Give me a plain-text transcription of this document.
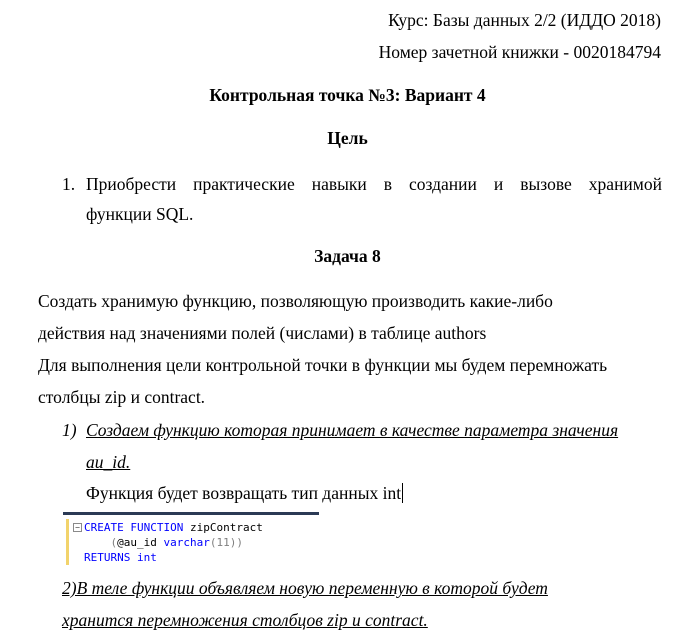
Курс: Базы данных 2/2 (ИДДО 2018)
Номер зачетной книжки - 0020184794
Контрольная точка №3: Вариант 4
Цель
1. Приобрести практические навыки в создании и вызове хранимой
функции SQL.
Задача 8
Создать хранимую функцию, позволяющую производить какие-либо
действия над значениями полей (числами) в таблице authors
Для выполнения цели контрольной точки в функции мы будем перемножать
столбцы zip и contract.
1) Создаем функцию которая принимает в качестве параметра значения
au_id.
Функция будет возвращать тип данных int
− CREATE FUNCTION zipContract
(@au_id varchar(11))
RETURNS int
2)В теле функции объявляем новую переменную в которой будет
хранится перемножения столбцов zip и contract.
